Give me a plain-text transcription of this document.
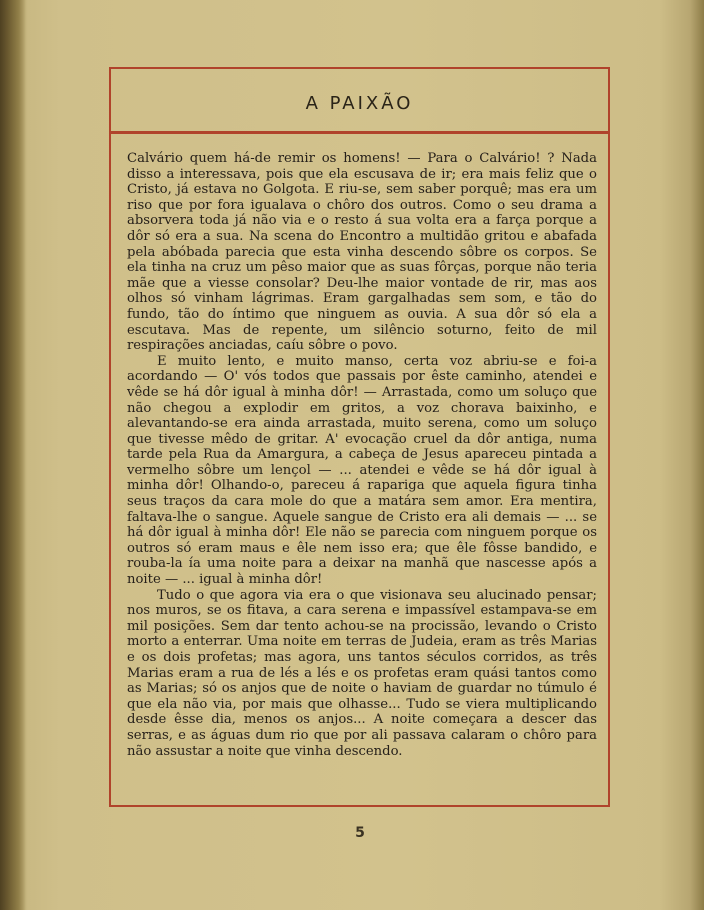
A PAIXÃO

Calvário quem há-de remir os homens! — Para o Calvário! ? Nada disso a interessava, pois que ela escusava de ir; era mais feliz que o Cristo, já estava no Golgota. E riu-se, sem saber porquê; mas era um riso que por fora igualava o chôro dos outros. Como o seu drama a absorvera toda já não via e o resto á sua volta era a farça porque a dôr só era a sua. Na scena do Encontro a multidão gritou e abafada pela abóbada parecia que esta vinha descendo sôbre os corpos. Se ela tinha na cruz um pêso maior que as suas fôrças, porque não teria mãe que a viesse consolar? Deu-lhe maior vontade de rir, mas aos olhos só vinham lágrimas. Eram gargalhadas sem som, e tão do fundo, tão do íntimo que ninguem as ouvia. A sua dôr só ela a escutava. Mas de repente, um silêncio soturno, feito de mil respirações anciadas, caíu sôbre o povo.

E muito lento, e muito manso, certa voz abriu-se e foi-a acordando — O' vós todos que passais por êste caminho, atendei e vêde se há dôr igual à minha dôr! — Arrastada, como um soluço que não chegou a explodir em gritos, a voz chorava baixinho, e alevantando-se era ainda arrastada, muito serena, como um soluço que tivesse mêdo de gritar. A' evocação cruel da dôr antiga, numa tarde pela Rua da Amargura, a cabeça de Jesus apareceu pintada a vermelho sôbre um lençol — ... atendei e vêde se há dôr igual à minha dôr! Olhando-o, pareceu á rapariga que aquela figura tinha seus traços da cara mole do que a matára sem amor. Era mentira, faltava-lhe o sangue. Aquele sangue de Cristo era ali demais — ... se há dôr igual à minha dôr! Ele não se parecia com ninguem porque os outros só eram maus e êle nem isso era; que êle fôsse bandido, e rouba-la ía uma noite para a deixar na manhã que nascesse após a noite — ... igual à minha dôr!

Tudo o que agora via era o que visionava seu alucinado pensar; nos muros, se os fitava, a cara serena e impassível estampava-se em mil posições. Sem dar tento achou-se na procissão, levando o Cristo morto a enterrar. Uma noite em terras de Judeia, eram as três Marias e os dois profetas; mas agora, uns tantos séculos corridos, as três Marias eram a rua de lés a lés e os profetas eram quási tantos como as Marias; só os anjos que de noite o haviam de guardar no túmulo é que ela não via, por mais que olhasse... Tudo se viera multiplicando desde êsse dia, menos os anjos... A noite começara a descer das serras, e as águas dum rio que por ali passava calaram o chôro para não assustar a noite que vinha descendo.

5
